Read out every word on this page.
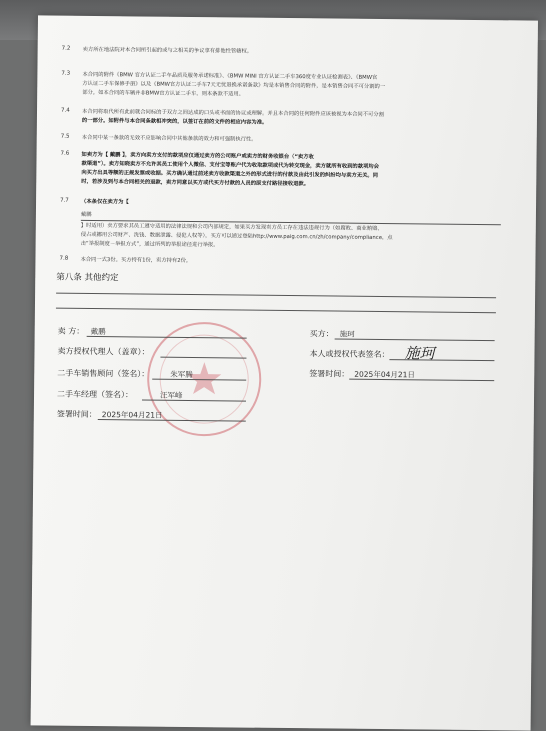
7.2 卖方所在地法院对本合同所引起的或与之相关的争议享有排他性管辖权。
7.3 本合同的附件《BMW 官方认证二手车品质及服务承诺标准》、《BMW MINI 官方认证二手车360度专业认证检测表》、《BMW官
方认证二手车保修手册》以及《BMW官方认证二手车7天无忧退换承诺条款》均是本销售合同的附件，是本销售合同不可分割的一
部分。如本合同的车辆并非BMW官方认证二手车，则本条款不适用。
7.4 本合同将取代所有此前就合同标的于双方之间达成的口头或书面的协议或理解。并且本合同的任何附件应该被视为本合同不可分割
的一部分。如附件与本合同条款相冲突的，以签订在前的文件的相应内容为准。
7.5 本合同中某一条款的无效不应影响合同中其他条款的效力和可强制执行性。
7.6 如卖方为【 戴鹏 】，卖方向卖方支付的款项应仅通过卖方的公司账户或卖方的财务收银台（“卖方收
款渠道”）。卖方知晓卖方不允许其员工使用个人微信、支付宝等账户代为收取款项或代为转交现金，卖方就所有收到的款项均会
向买方出具等额的正规发票或收据。买方确认通过前述卖方收款渠道之外的形式进行的付款及由此引发的纠纷均与卖方无关。同
时，若涉及到与本合同相关的退款，卖方同意以买方或代买方付款的人员的原支付路径接收退款。
7.7 （本条仅在卖方为【
戴鹏
】时适用）卖方要求其员工遵守适用的法律法规和公司内部规定，如果买方发现卖方员工存在违法违规行为（如腐败、商业贿赂、
侵占或挪用公司财产、洗钱、数据泄露、侵犯人权等），买方可以通过登陆http://www.paig.com.cn/zh/company/compliance，点
击“举报制度－举报方式”，通过所列的举报途径进行举报。
7.8 本合同一式3份。买方持有1份，卖方持有2份。
第八条 其他约定
卖 方： 戴鹏
卖方授权代理人（盖章）：
二手车销售顾问（签名）：	朱军腾
二手车经理（签名）：	汪军峰
签署时间： 2025年04月21日
买方： 施珂
本人或授权代表签名： 施珂
签署时间： 2025年04月21日
